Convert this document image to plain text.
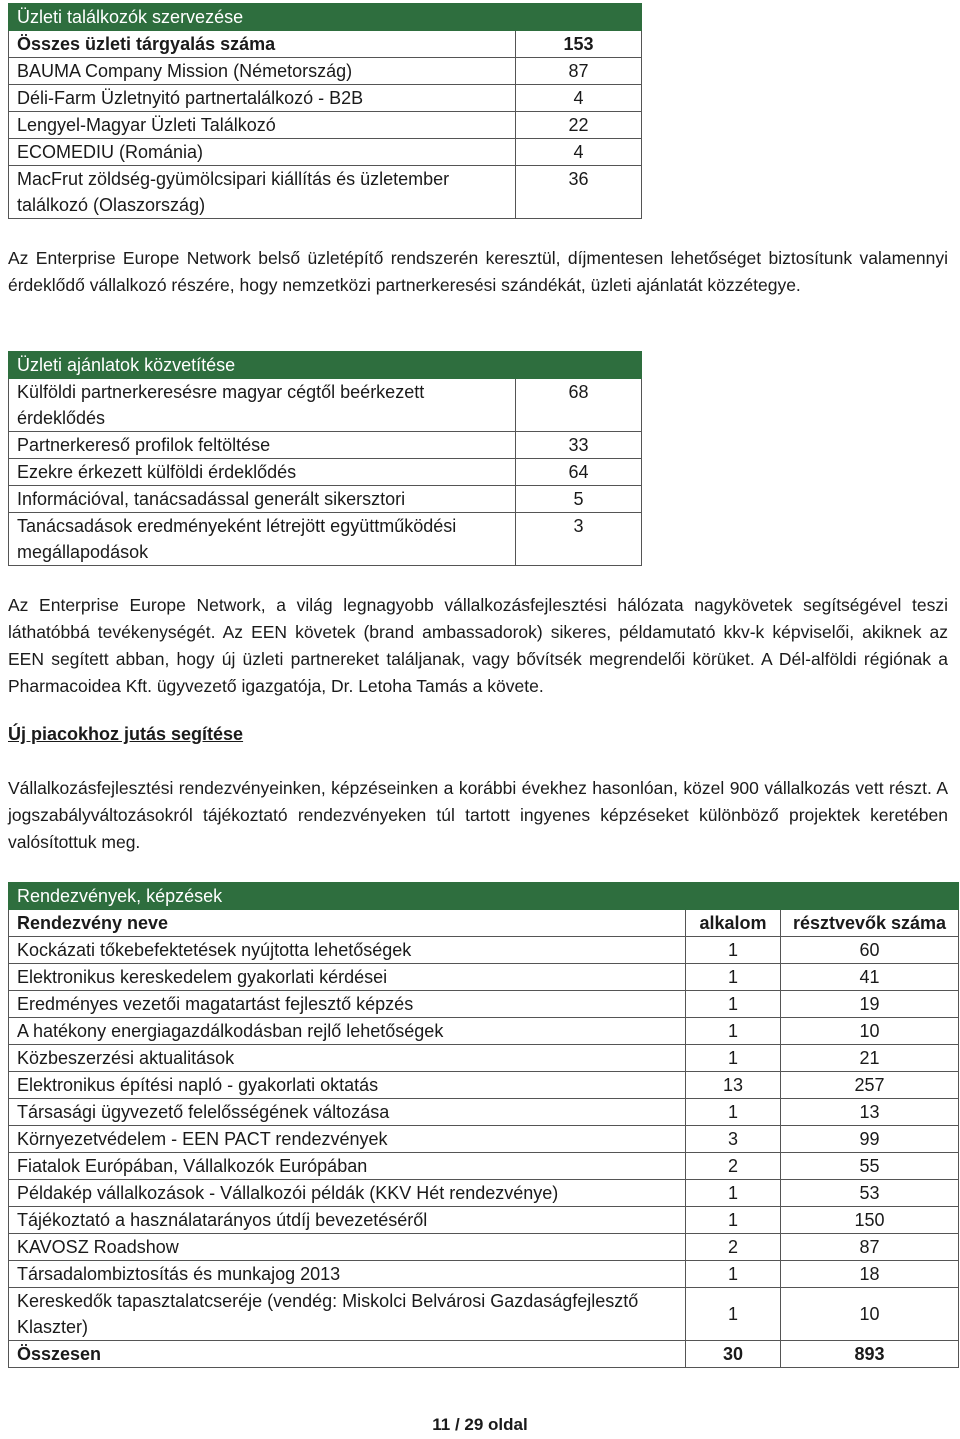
Üzleti találkozók szervezése	
Összes üzleti tárgyalás száma	153
BAUMA Company Mission (Németország)	87
Déli-Farm Üzletnyitó partnertalálkozó - B2B	4
Lengyel-Magyar Üzleti Találkozó	22
ECOMEDIU (Románia)	4
MacFrut zöldség-gyümölcsipari kiállítás és üzletember találkozó (Olaszország)	36
Az Enterprise Europe Network belső üzletépítő rendszerén keresztül, díjmentesen lehetőséget biztosítunk valamennyi érdeklődő vállalkozó részére, hogy nemzetközi partnerkeresési szándékát, üzleti ajánlatát közzétegye.
Üzleti ajánlatok közvetítése	
Külföldi partnerkeresésre magyar cégtől beérkezett érdeklődés	68
Partnerkereső profilok feltöltése	33
Ezekre érkezett külföldi érdeklődés	64
Információval, tanácsadással generált sikersztori	5
Tanácsadások eredményeként létrejött együttműködési megállapodások	3
Az Enterprise Europe Network, a világ legnagyobb vállalkozásfejlesztési hálózata nagykövetek segítségével teszi láthatóbbá tevékenységét. Az EEN követek (brand ambassadorok) sikeres, példamutató kkv-k képviselői, akiknek az EEN segített abban, hogy új üzleti partnereket találjanak, vagy bővítsék megrendelői körüket. A Dél-alföldi régiónak a Pharmacoidea Kft. ügyvezető igazgatója, Dr. Letoha Tamás a követe.
Új piacokhoz jutás segítése
Vállalkozásfejlesztési rendezvényeinken, képzéseinken a korábbi évekhez hasonlóan, közel 900 vállalkozás vett részt. A jogszabályváltozásokról tájékoztató rendezvényeken túl tartott ingyenes képzéseket különböző projektek keretében valósítottuk meg.
Rendezvények, képzések		
Rendezvény neve	alkalom	résztvevők száma
Kockázati tőkebefektetések nyújtotta lehetőségek	1	60
Elektronikus kereskedelem gyakorlati kérdései	1	41
Eredményes vezetői magatartást fejlesztő képzés	1	19
A hatékony energiagazdálkodásban rejlő lehetőségek	1	10
Közbeszerzési aktualitások	1	21
Elektronikus építési napló - gyakorlati oktatás	13	257
Társasági ügyvezető felelősségének változása	1	13
Környezetvédelem - EEN PACT rendezvények	3	99
Fiatalok Európában, Vállalkozók Európában	2	55
Példakép vállalkozások - Vállalkozói példák (KKV Hét rendezvénye)	1	53
Tájékoztató a használatarányos útdíj bevezetéséről	1	150
KAVOSZ Roadshow	2	87
Társadalombiztosítás és munkajog 2013	1	18
Kereskedők tapasztalatcseréje (vendég: Miskolci Belvárosi Gazdaságfejlesztő Klaszter)	1	10
Összesen	30	893
11 / 29 oldal
